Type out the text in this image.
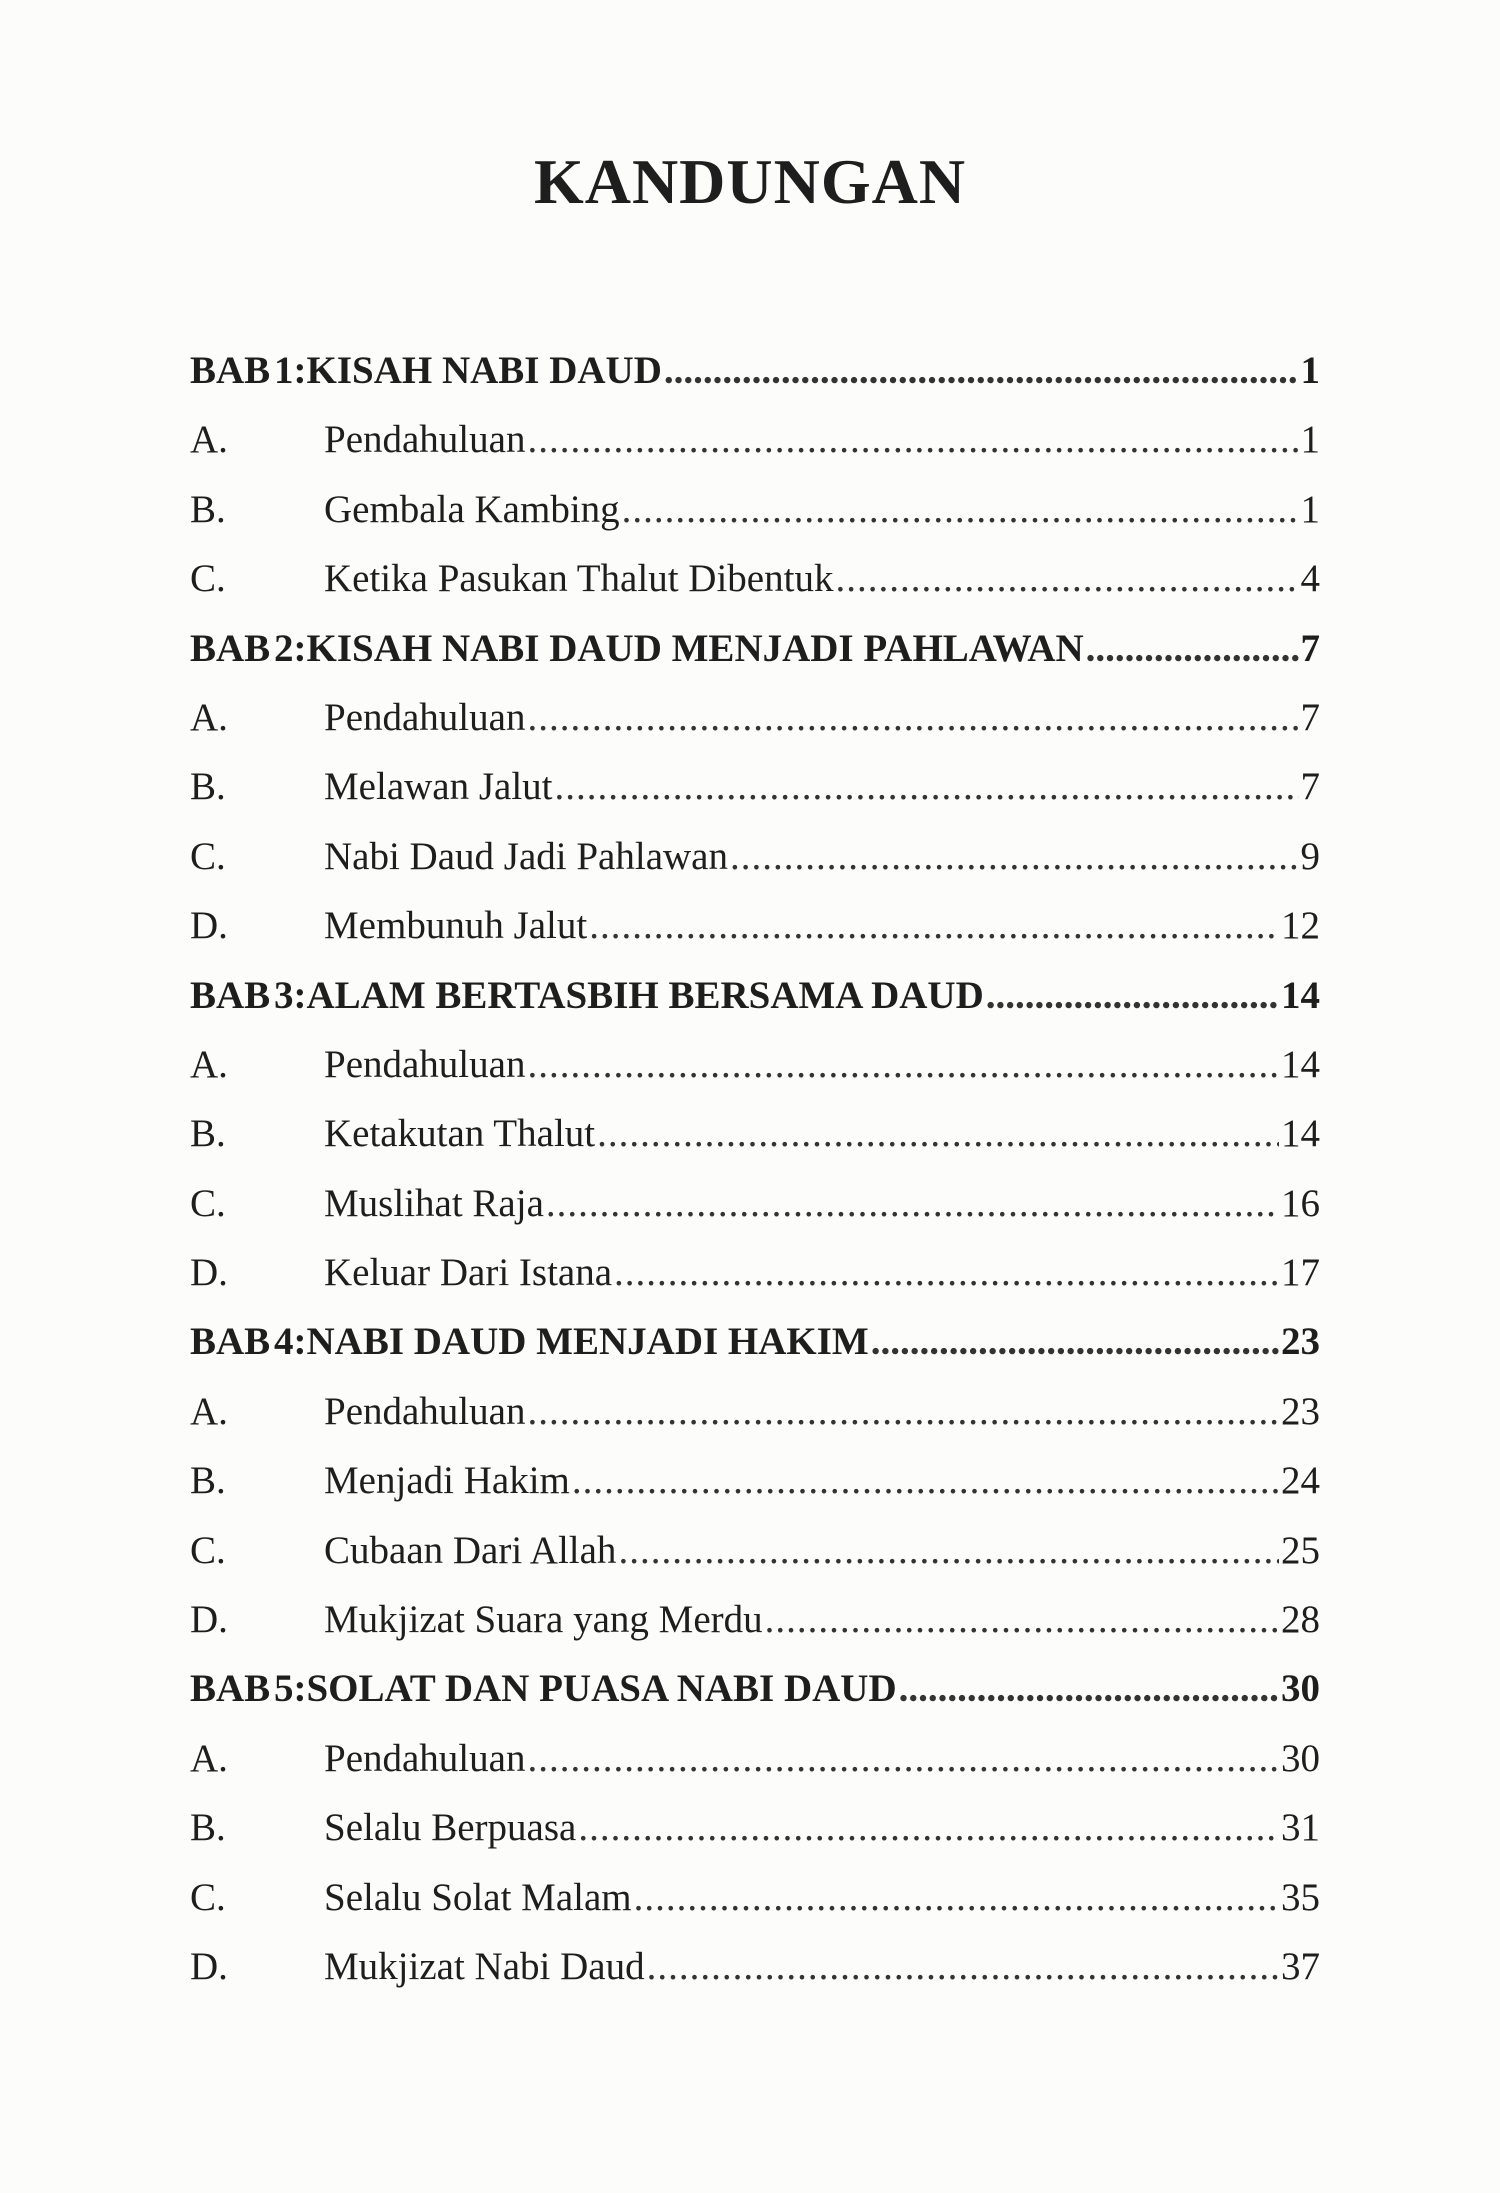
KANDUNGAN
BAB 1:KISAH NABI DAUD .....	1
A.	Pendahuluan .....	1
B.	Gembala Kambing .....	1
C.	Ketika Pasukan Thalut Dibentuk .....	4
BAB 2:KISAH NABI DAUD MENJADI PAHLAWAN .....	7
A.	Pendahuluan .....	7
B.	Melawan Jalut .....	7
C.	Nabi Daud Jadi Pahlawan .....	9
D.	Membunuh Jalut .....	12
BAB 3:ALAM BERTASBIH BERSAMA DAUD .....	14
A.	Pendahuluan .....	14
B.	Ketakutan Thalut .....	14
C.	Muslihat Raja .....	16
D.	Keluar Dari Istana .....	17
BAB 4:NABI DAUD MENJADI HAKIM .....	23
A.	Pendahuluan .....	23
B.	Menjadi Hakim .....	24
C.	Cubaan Dari Allah .....	25
D.	Mukjizat Suara yang Merdu .....	28
BAB 5:SOLAT DAN PUASA NABI DAUD .....	30
A.	Pendahuluan .....	30
B.	Selalu Berpuasa .....	31
C.	Selalu Solat Malam .....	35
D.	Mukjizat Nabi Daud .....	37
